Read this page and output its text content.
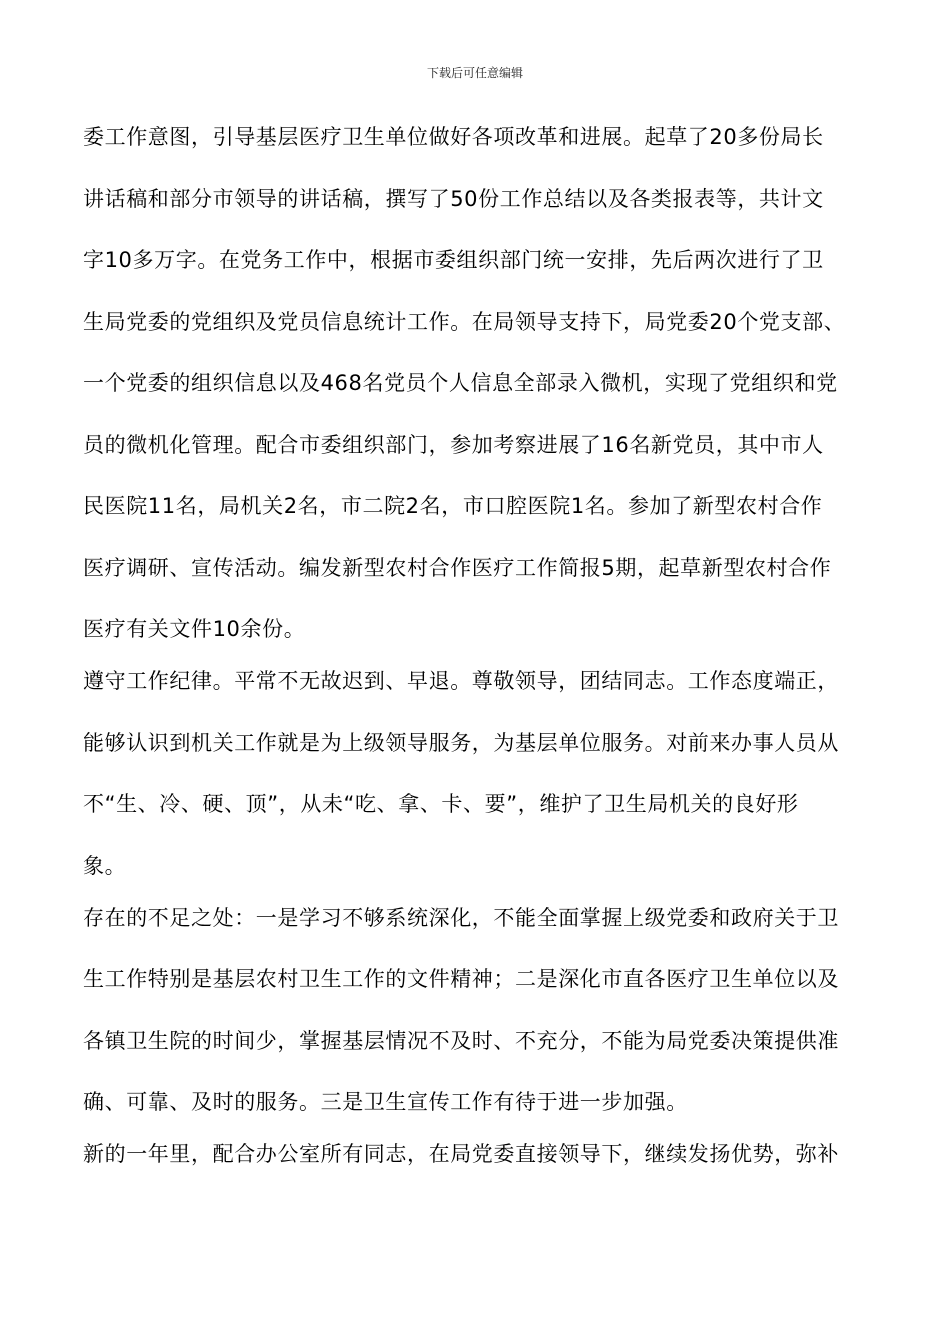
下载后可任意编辑
委工作意图，引导基层医疗卫生单位做好各项改革和进展。起草了20多份局长
讲话稿和部分市领导的讲话稿，撰写了50份工作总结以及各类报表等，共计文
字10多万字。在党务工作中，根据市委组织部门统一安排，先后两次进行了卫
生局党委的党组织及党员信息统计工作。在局领导支持下，局党委20个党支部、
一个党委的组织信息以及468名党员个人信息全部录入微机，实现了党组织和党
员的微机化管理。配合市委组织部门，参加考察进展了16名新党员，其中市人
民医院11名，局机关2名，市二院2名，市口腔医院1名。参加了新型农村合作
医疗调研、宣传活动。编发新型农村合作医疗工作简报5期，起草新型农村合作
医疗有关文件10余份。
遵守工作纪律。平常不无故迟到、早退。尊敬领导，团结同志。工作态度端正，
能够认识到机关工作就是为上级领导服务，为基层单位服务。对前来办事人员从
不“生、冷、硬、顶”，从未“吃、拿、卡、要”，维护了卫生局机关的良好形
象。
存在的不足之处：一是学习不够系统深化，不能全面掌握上级党委和政府关于卫
生工作特别是基层农村卫生工作的文件精神；二是深化市直各医疗卫生单位以及
各镇卫生院的时间少，掌握基层情况不及时、不充分，不能为局党委决策提供准
确、可靠、及时的服务。三是卫生宣传工作有待于进一步加强。
新的一年里，配合办公室所有同志，在局党委直接领导下，继续发扬优势，弥补
